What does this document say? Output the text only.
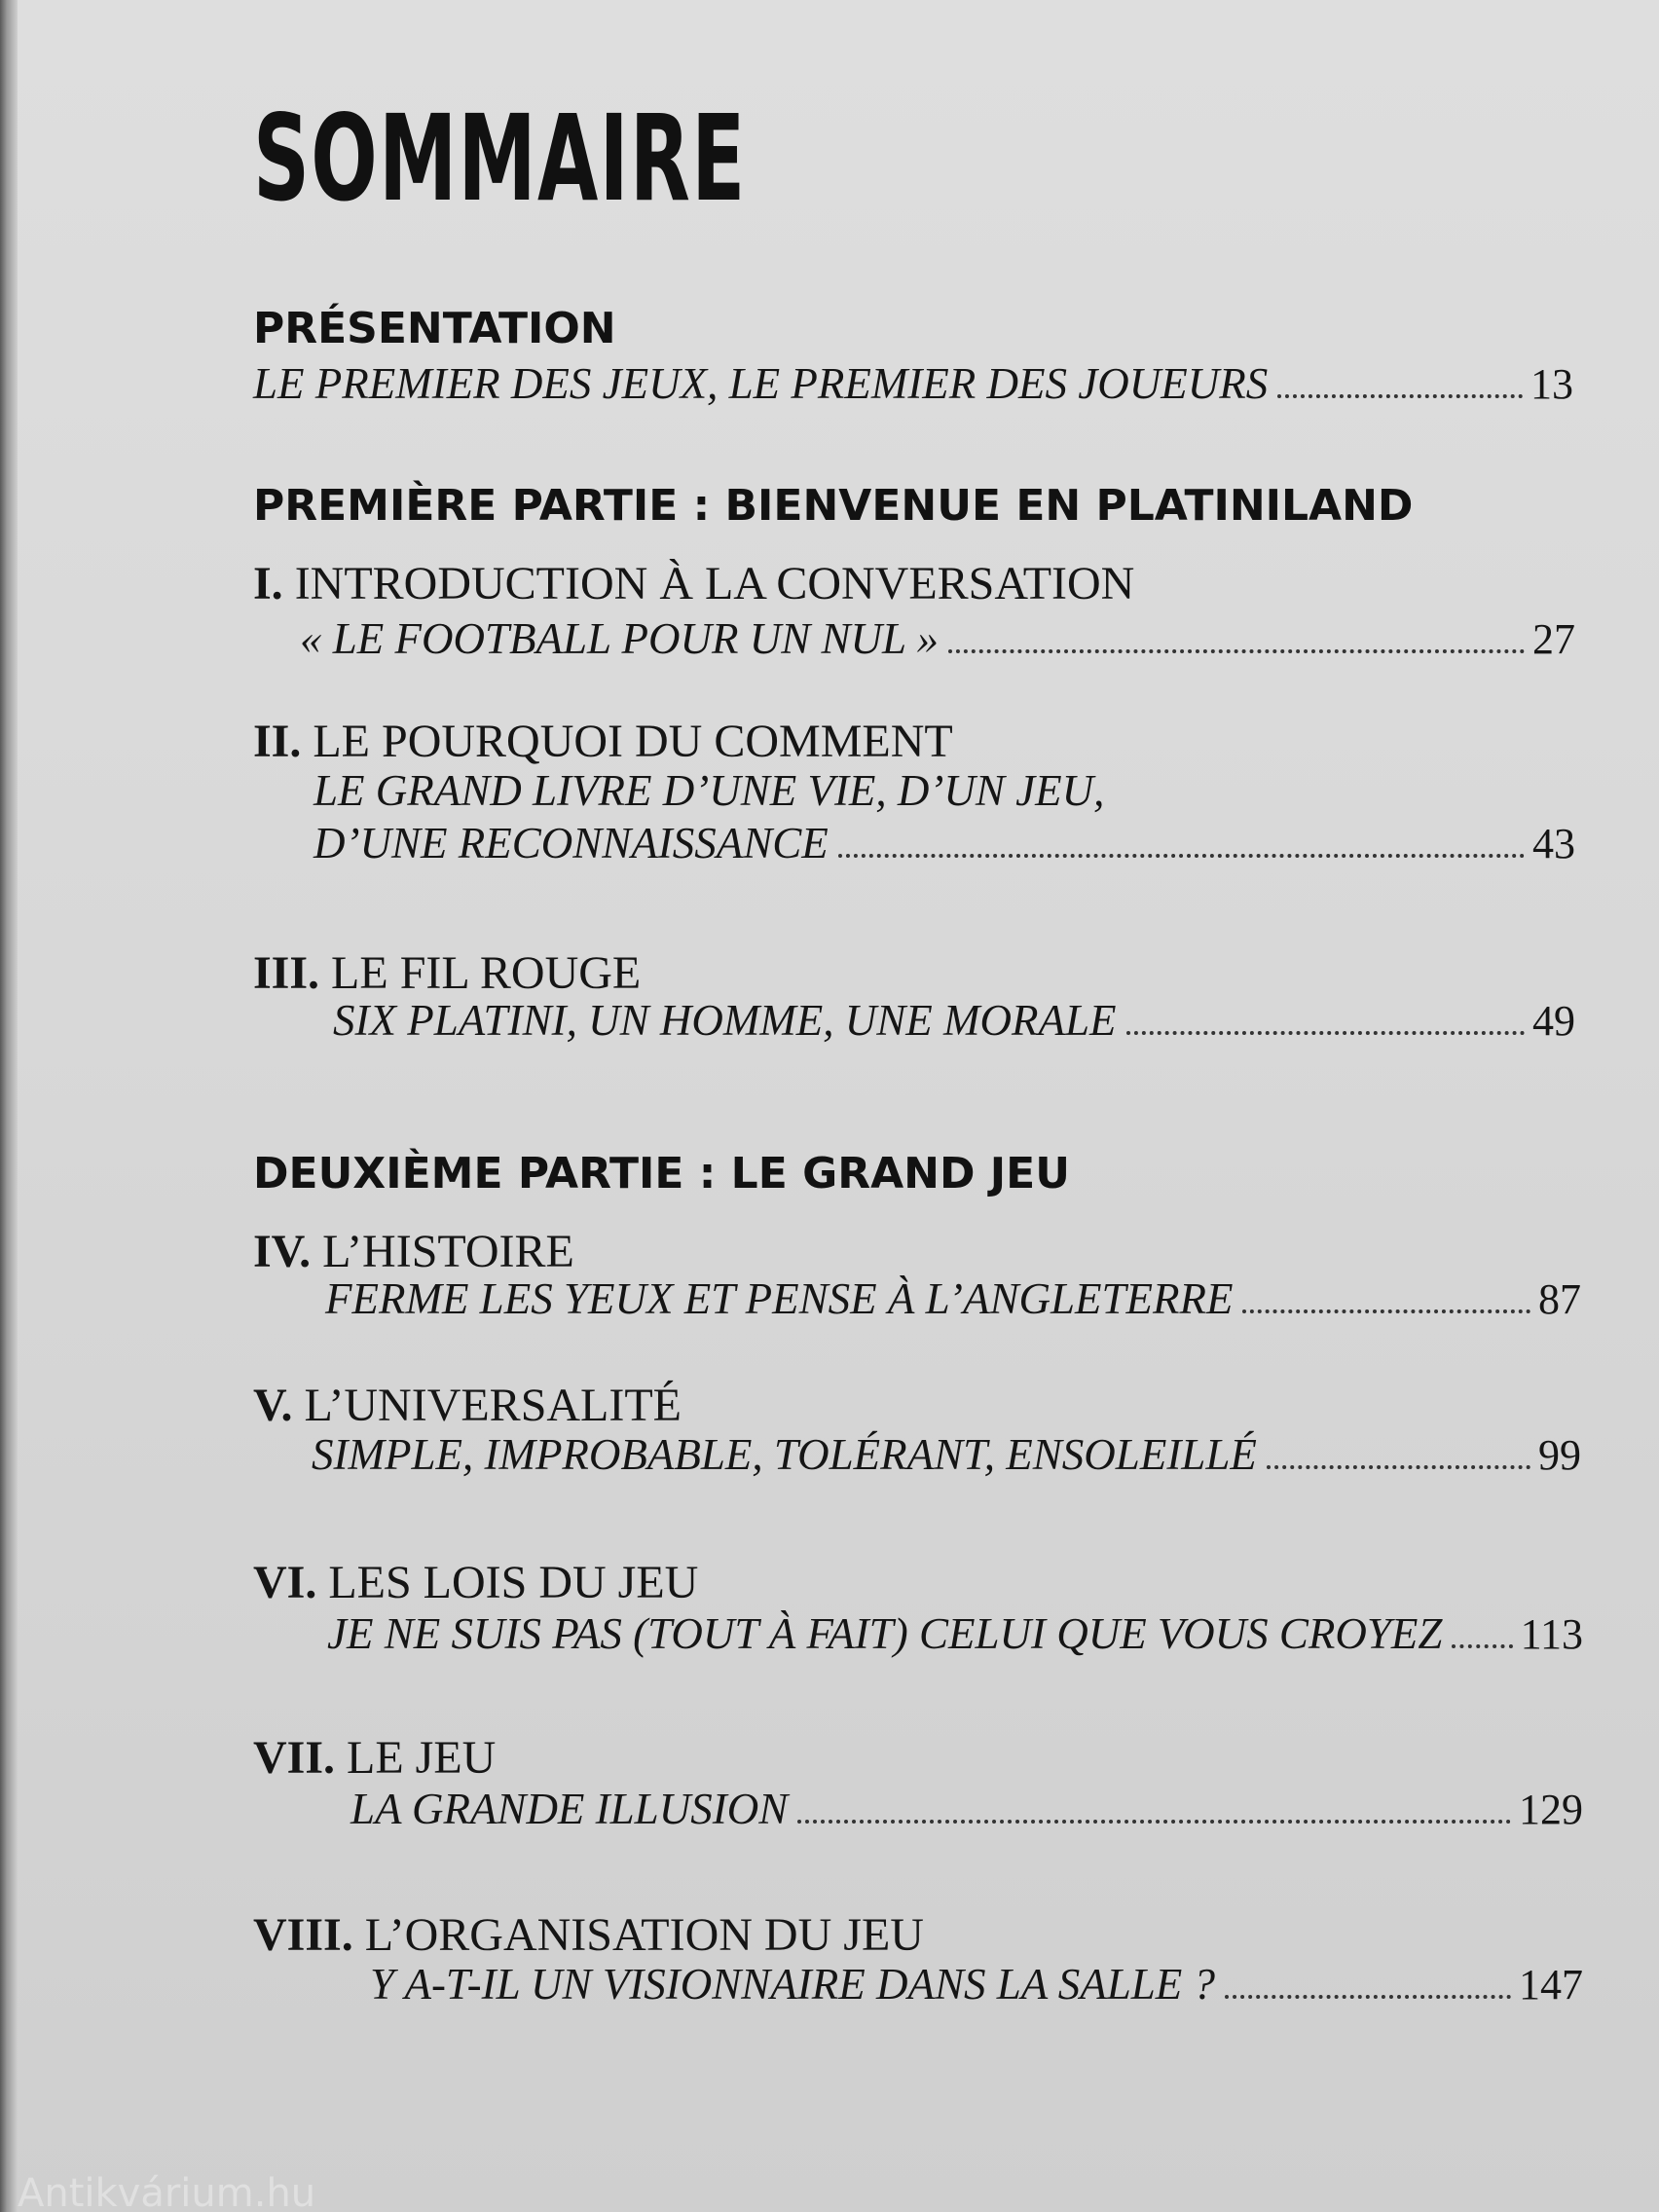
SOMMAIRE
PRÉSENTATION
LE PREMIER DES JEUX, LE PREMIER DES JOUEURS	13
PREMIÈRE PARTIE : BIENVENUE EN PLATINILAND
I. INTRODUCTION À LA CONVERSATION
« LE FOOTBALL POUR UN NUL »	27
II. LE POURQUOI DU COMMENT
LE GRAND LIVRE D’UNE VIE, D’UN JEU,
D’UNE RECONNAISSANCE	43
III. LE FIL ROUGE
SIX PLATINI, UN HOMME, UNE MORALE	49
DEUXIÈME PARTIE : LE GRAND JEU
IV. L’HISTOIRE
FERME LES YEUX ET PENSE À L’ANGLETERRE	87
V. L’UNIVERSALITÉ
SIMPLE, IMPROBABLE, TOLÉRANT, ENSOLEILLÉ	99
VI. LES LOIS DU JEU
JE NE SUIS PAS (TOUT À FAIT) CELUI QUE VOUS CROYEZ 113
VII. LE JEU
LA GRANDE ILLUSION	129
VIII. L’ORGANISATION DU JEU
Y A-T-IL UN VISIONNAIRE DANS LA SALLE ?	147
Antikvárium.hu
